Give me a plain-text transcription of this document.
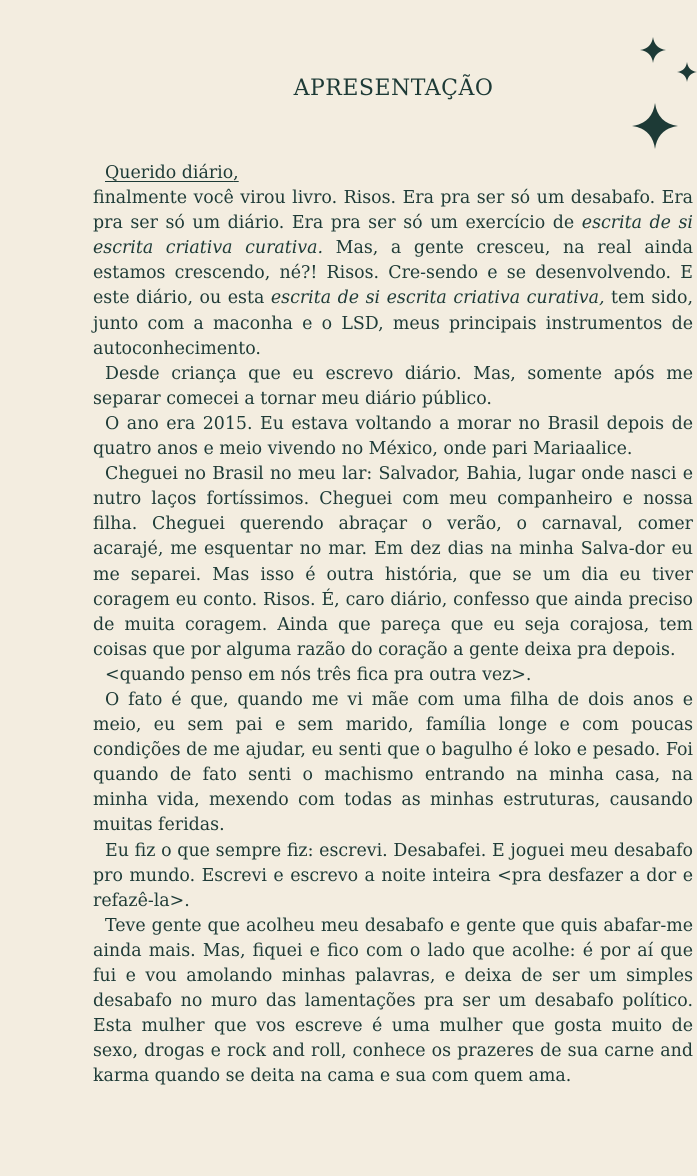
APRESENTAÇÃO
Querido diário,

finalmente você virou livro. Risos. Era pra ser só um desabafo. Era pra ser só um diário. Era pra ser só um exercício de escrita de si escrita criativa curativa. Mas, a gente cresceu, na real ainda estamos crescendo, né?! Risos. Cre-sendo e se desenvolvendo. E este diário, ou esta escrita de si escrita criativa curativa, tem sido, junto com a maconha e o LSD, meus principais instrumentos de autoconhecimento.

Desde criança que eu escrevo diário. Mas, somente após me separar comecei a tornar meu diário público.

O ano era 2015. Eu estava voltando a morar no Brasil depois de quatro anos e meio vivendo no México, onde pari Mariaalice.

Cheguei no Brasil no meu lar: Salvador, Bahia, lugar onde nasci e nutro laços fortíssimos. Cheguei com meu companheiro e nossa filha. Cheguei querendo abraçar o verão, o carnaval, comer acarajé, me esquentar no mar. Em dez dias na minha Salva-dor eu me separei. Mas isso é outra história, que se um dia eu tiver coragem eu conto. Risos. É, caro diário, confesso que ainda preciso de muita coragem. Ainda que pareça que eu seja corajosa, tem coisas que por alguma razão do coração a gente deixa pra depois.

<quando penso em nós três fica pra outra vez>.

O fato é que, quando me vi mãe com uma filha de dois anos e meio, eu sem pai e sem marido, família longe e com poucas condições de me ajudar, eu senti que o bagulho é loko e pesado. Foi quando de fato senti o machismo entrando na minha casa, na minha vida, mexendo com todas as minhas estruturas, causando muitas feridas.

Eu fiz o que sempre fiz: escrevi. Desabafei. E joguei meu desabafo pro mundo. Escrevi e escrevo a noite inteira <pra desfazer a dor e refazê-la>.

Teve gente que acolheu meu desabafo e gente que quis abafar-me ainda mais. Mas, fiquei e fico com o lado que acolhe: é por aí que fui e vou amolando minhas palavras, e deixa de ser um simples desabafo no muro das lamentações pra ser um desabafo político. Esta mulher que vos escreve é uma mulher que gosta muito de sexo, drogas e rock and roll, conhece os prazeres de sua carne and karma quando se deita na cama e sua com quem ama.
